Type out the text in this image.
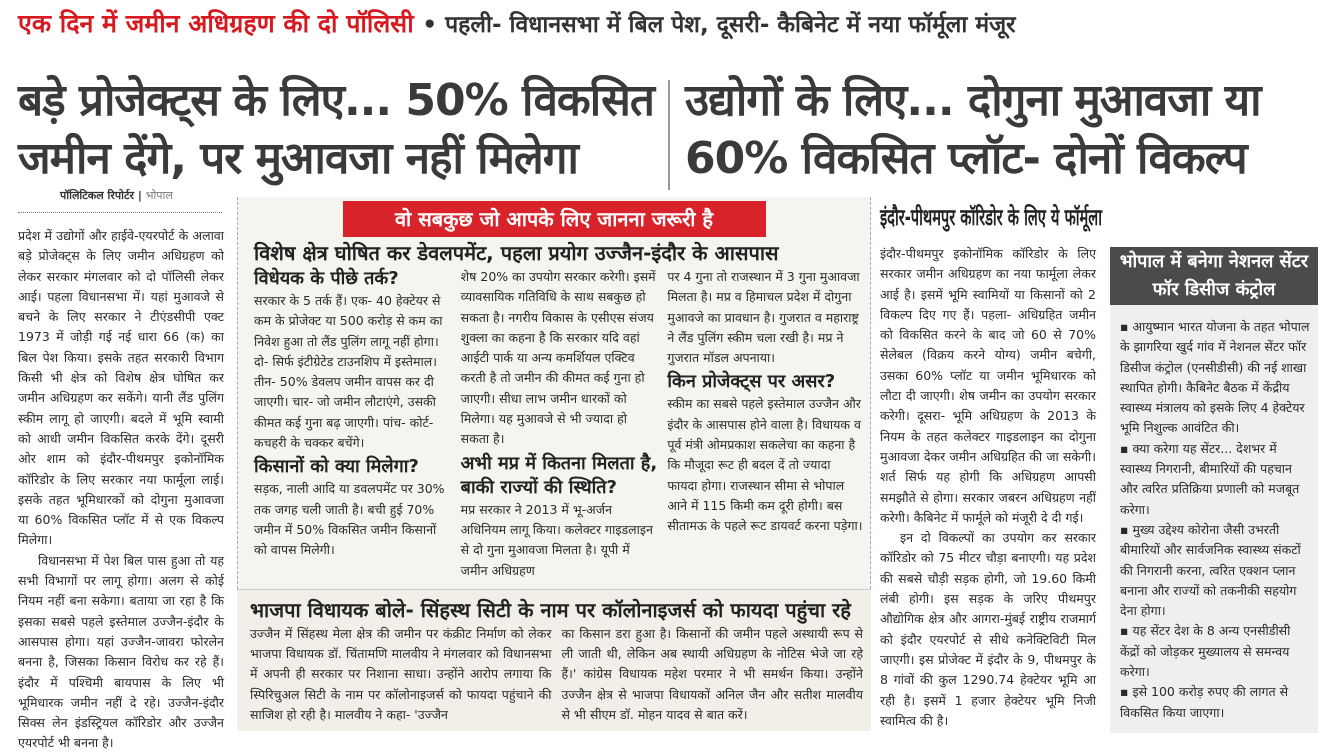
एक दिन में जमीन अधिग्रहण की दो पॉलिसी • पहली- विधानसभा में बिल पेश, दूसरी- कैबिनेट में नया फॉर्मूला मंजूर
बड़े प्रोजेक्ट्स के लिए... 50% विकसित जमीन देंगे, पर मुआवजा नहीं मिलेगा
उद्योगों के लिए... दोगुना मुआवजा या 60% विकसित प्लॉट- दोनों विकल्प
पॉलिटिकल रिपोर्टर | भोपाल

प्रदेश में उद्योगों और हाईवे-एयरपोर्ट के अलावा बड़े प्रोजेक्ट्स के लिए जमीन अधिग्रहण को लेकर सरकार मंगलवार को दो पॉलिसी लेकर आई। पहला विधानसभा में। यहां मुआवजे से बचने के लिए सरकार ने टीएंडसीपी एक्ट 1973 में जोड़ी गई नई धारा 66 (क) का बिल पेश किया। इसके तहत सरकारी विभाग किसी भी क्षेत्र को विशेष क्षेत्र घोषित कर जमीन अधिग्रहण कर सकेंगे। यानी लैंड पुलिंग स्कीम लागू हो जाएगी। बदले में भूमि स्वामी को आधी जमीन विकसित करके देंगे। दूसरी ओर शाम को इंदौर-पीथमपुर इकोनॉमिक कॉरिडोर के लिए सरकार नया फार्मूला लाई। इसके तहत भूमिधारकों को दोगुना मुआवजा या 60% विकसित प्लॉट में से एक विकल्प मिलेगा।

विधानसभा में पेश बिल पास हुआ तो यह सभी विभागों पर लागू होगा। अलग से कोई नियम नहीं बना सकेगा। बताया जा रहा है कि इसका सबसे पहले इस्तेमाल उज्जैन-इंदौर के आसपास होगा। यहां उज्जैन-जावरा फोरलेन बनना है, जिसका किसान विरोध कर रहे हैं। इंदौर में पश्चिमी बायपास के लिए भी भूमिधारक जमीन नहीं दे रहे। उज्जैन-इंदौर सिक्स लेन इंडस्ट्रियल कॉरिडोर और उज्जैन एयरपोर्ट भी बनना है।

वो सबकुछ जो आपके लिए जानना जरूरी है
विशेष क्षेत्र घोषित कर डेवलपमेंट, पहला प्रयोग उज्जैन-इंदौर के आसपास
विधेयक के पीछे तर्क?

सरकार के 5 तर्क हैं। एक- 40 हेक्टेयर से कम के प्रोजेक्ट या 500 करोड़ से कम का निवेश हुआ तो लैंड पुलिंग लागू नहीं होगा। दो- सिर्फ इंटीग्रेटेड टाउनशिप में इस्तेमाल। तीन- 50% डेवलप जमीन वापस कर दी जाएगी। चार- जो जमीन लौटाएंगे, उसकी कीमत कई गुना बढ़ जाएगी। पांच- कोर्ट-कचहरी के चक्कर बचेंगे।

किसानों को क्या मिलेगा?

सड़क, नाली आदि या डवलपमेंट पर 30% तक जगह चली जाती है। बची हुई 70% जमीन में 50% विकसित जमीन किसानों को वापस मिलेगी।

शेष 20% का उपयोग सरकार करेगी। इसमें व्यावसायिक गतिविधि के साथ सबकुछ हो सकता है। नगरीय विकास के एसीएस संजय शुक्ला का कहना है कि सरकार यदि वहां आईटी पार्क या अन्य कमर्शियल एक्टिव करती है तो जमीन की कीमत कई गुना हो जाएगी। सीधा लाभ जमीन धारकों को मिलेगा। यह मुआवजे से भी ज्यादा हो सकता है।

अभी मप्र में कितना मिलता है, बाकी राज्यों की स्थिति?

मप्र सरकार ने 2013 में भू-अर्जन अधिनियम लागू किया। कलेक्टर गाइडलाइन से दो गुना मुआवजा मिलता है। यूपी में जमीन अधिग्रहण

पर 4 गुना तो राजस्थान में 3 गुना मुआवजा मिलता है। मप्र व हिमाचल प्रदेश में दोगुना मुआवजे का प्रावधान है। गुजरात व महाराष्ट्र ने लैंड पुलिंग स्कीम चला रखी है। मप्र ने गुजरात मॉडल अपनाया।

किन प्रोजेक्ट्स पर असर?

स्कीम का सबसे पहले इस्तेमाल उज्जैन और इंदौर के आसपास होने वाला है। विधायक व पूर्व मंत्री ओमप्रकाश सकलेचा का कहना है कि मौजूदा रूट ही बदल दें तो ज्यादा फायदा होगा। राजस्थान सीमा से भोपाल आने में 115 किमी कम दूरी होगी। बस सीतामऊ के पहले रूट डायवर्ट करना पड़ेगा।

भाजपा विधायक बोले- सिंहस्थ सिटी के नाम पर कॉलोनाइजर्स को फायदा पहुंचा रहे

उज्जैन में सिंहस्थ मेला क्षेत्र की जमीन पर कंक्रीट निर्माण को लेकर भाजपा विधायक डॉ. चिंतामणि मालवीय ने मंगलवार को विधानसभा में अपनी ही सरकार पर निशाना साधा। उन्होंने आरोप लगाया कि स्पिरिचुअल सिटी के नाम पर कॉलोनाइजर्स को फायदा पहुंचाने की साजिश हो रही है। मालवीय ने कहा- 'उज्जैन

का किसान डरा हुआ है। किसानों की जमीन पहले अस्थायी रूप से ली जाती थी, लेकिन अब स्थायी अधिग्रहण के नोटिस भेजे जा रहे हैं।' कांग्रेस विधायक महेश परमार ने भी समर्थन किया। उन्होंने उज्जैन क्षेत्र से भाजपा विधायकों अनिल जैन और सतीश मालवीय से भी सीएम डॉ. मोहन यादव से बात करें।

इंदौर-पीथमपुर कॉरिडोर के लिए ये फॉर्मूला

इंदौर-पीथमपुर इकोनॉमिक कॉरिडोर के लिए सरकार जमीन अधिग्रहण का नया फार्मूला लेकर आई है। इसमें भूमि स्वामियों या किसानों को 2 विकल्प दिए गए हैं। पहला- अधिग्रहित जमीन को विकसित करने के बाद जो 60 से 70% सेलेबल (विक्रय करने योग्य) जमीन बचेगी, उसका 60% प्लॉट या जमीन भूमिधारक को लौटा दी जाएगी। शेष जमीन का उपयोग सरकार करेगी। दूसरा- भूमि अधिग्रहण के 2013 के नियम के तहत कलेक्टर गाइडलाइन का दोगुना मुआवजा देकर जमीन अधिग्रहित की जा सकेगी। शर्त सिर्फ यह होगी कि अधिग्रहण आपसी समझौते से होगा। सरकार जबरन अधिग्रहण नहीं करेगी। कैबिनेट में फार्मूले को मंजूरी दे दी गई।

इन दो विकल्पों का उपयोग कर सरकार कॉरिडोर को 75 मीटर चौड़ा बनाएगी। यह प्रदेश की सबसे चौड़ी सड़क होगी, जो 19.60 किमी लंबी होगी। इस सड़क के जरिए पीथमपुर औद्योगिक क्षेत्र और आगरा-मुंबई राष्ट्रीय राजमार्ग को इंदौर एयरपोर्ट से सीधे कनेक्टिविटी मिल जाएगी। इस प्रोजेक्ट में इंदौर के 9, पीथमपुर के 8 गांवों की कुल 1290.74 हेक्टेयर भूमि आ रही है। इसमें 1 हजार हेक्टेयर भूमि निजी स्वामित्व की है।

भोपाल में बनेगा नेशनल सेंटर फॉर डिसीज कंट्रोल

▪ आयुष्मान भारत योजना के तहत भोपाल के झागरिया खुर्द गांव में नेशनल सेंटर फॉर डिसीज कंट्रोल (एनसीडीसी) की नई शाखा स्थापित होगी। कैबिनेट बैठक में केंद्रीय स्वास्थ्य मंत्रालय को इसके लिए 4 हेक्टेयर भूमि निशुल्क आवंटित की।

▪ क्या करेगा यह सेंटर... देशभर में स्वास्थ्य निगरानी, बीमारियों की पहचान और त्वरित प्रतिक्रिया प्रणाली को मजबूत करेगा।

▪ मुख्य उद्देश्य कोरोना जैसी उभरती बीमारियों और सार्वजनिक स्वास्थ्य संकटों की निगरानी करना, त्वरित एक्शन प्लान बनाना और राज्यों को तकनीकी सहयोग देना होगा।

▪ यह सेंटर देश के 8 अन्य एनसीडीसी केंद्रों को जोड़कर मुख्यालय से समन्वय करेगा।

▪ इसे 100 करोड़ रुपए की लागत से विकसित किया जाएगा।
